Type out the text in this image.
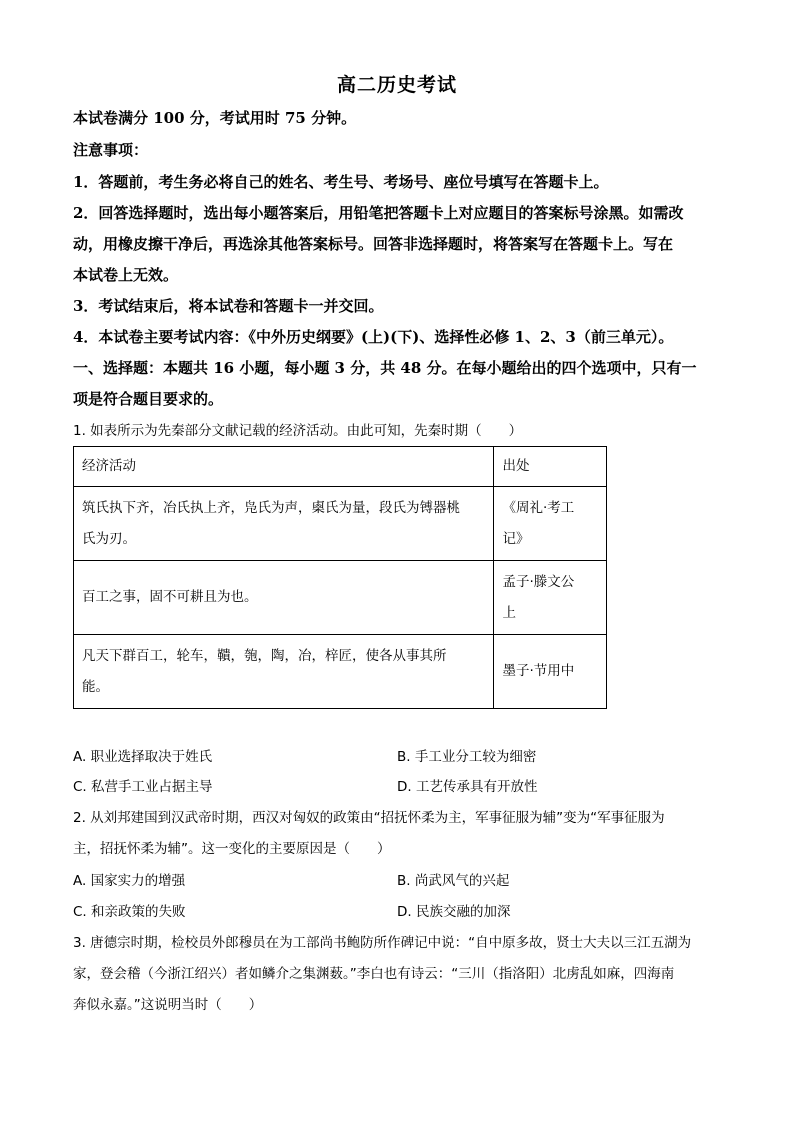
高二历史考试
本试卷满分 100 分，考试用时 75 分钟。
注意事项：
1．答题前，考生务必将自己的姓名、考生号、考场号、座位号填写在答题卡上。
2．回答选择题时，选出每小题答案后，用铅笔把答题卡上对应题目的答案标号涂黑。如需改
动，用橡皮擦干净后，再选涂其他答案标号。回答非选择题时，将答案写在答题卡上。写在
本试卷上无效。
3．考试结束后，将本试卷和答题卡一并交回。
4．本试卷主要考试内容：《中外历史纲要》(上)(下)、选择性必修 1、2、3（前三单元）。
一、选择题：本题共 16 小题，每小题 3 分，共 48 分。在每小题给出的四个选项中，只有一
项是符合题目要求的。
1. 如表所示为先秦部分文献记载的经济活动。由此可知，先秦时期（　　）
经济活动	出处

筑氏执下齐，冶氏执上齐，凫氏为声，㮚氏为量，段氏为镈器桃
氏为刃。	《周礼·考工
记》

百工之事，固不可耕且为也。	孟子·滕文公
上

凡天下群百工，轮车，鞼，匏，陶，冶，梓匠，使各从事其所
能。	墨子·节用中
A. 职业选择取决于姓氏	B. 手工业分工较为细密
C. 私营手工业占据主导	D. 工艺传承具有开放性
2. 从刘邦建国到汉武帝时期，西汉对匈奴的政策由“招抚怀柔为主，军事征服为辅”变为“军事征服为
主，招抚怀柔为辅”。这一变化的主要原因是（　　）
A. 国家实力的增强	B. 尚武风气的兴起
C. 和亲政策的失败	D. 民族交融的加深
3. 唐德宗时期，检校员外郎穆员在为工部尚书鲍防所作碑记中说：“自中原多故，贤士大夫以三江五湖为
家，登会稽（今浙江绍兴）者如鳞介之集渊薮。”李白也有诗云：“三川（指洛阳）北虏乱如麻，四海南
奔似永嘉。”这说明当时（　　）
